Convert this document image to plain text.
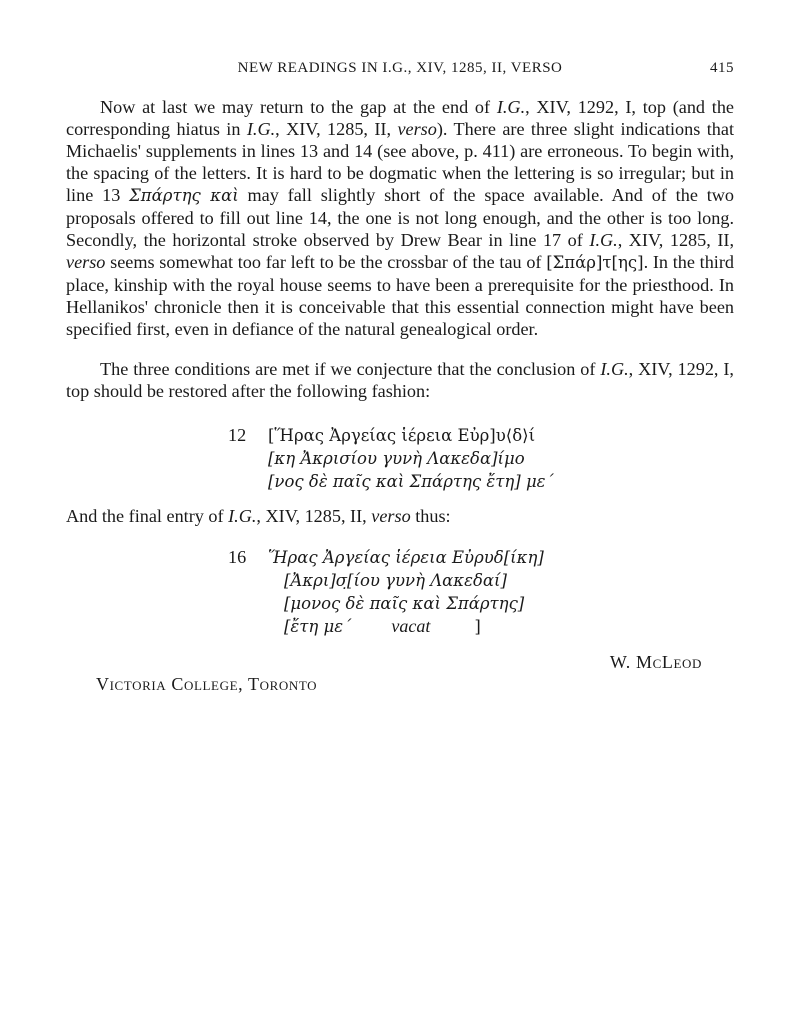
NEW READINGS IN I.G., XIV, 1285, II, VERSO	415

Now at last we may return to the gap at the end of I.G., XIV, 1292, I, top (and the corresponding hiatus in I.G., XIV, 1285, II, verso). There are three slight indications that Michaelis' supplements in lines 13 and 14 (see above, p. 411) are erroneous. To begin with, the spacing of the letters. It is hard to be dogmatic when the lettering is so irregular; but in line 13 Σπάρτης καὶ may fall slightly short of the space available. And of the two proposals offered to fill out line 14, the one is not long enough, and the other is too long. Secondly, the horizontal stroke observed by Drew Bear in line 17 of I.G., XIV, 1285, II, verso seems somewhat too far left to be the crossbar of the tau of [Σπάρ]τ[ης]. In the third place, kinship with the royal house seems to have been a prerequisite for the priesthood. In Hellanikos' chronicle then it is conceivable that this essential connection might have been specified first, even in defiance of the natural genealogical order.

The three conditions are met if we conjecture that the conclusion of I.G., XIV, 1292, I, top should be restored after the following fashion:

12 [Ἥρας Ἀργείας ἱέρεια Εὐρ]υ⟨δ⟩ί
[κη Ἀκρισίου γυνὴ Λακεδα]ίμο
[νος δὲ παῖς καὶ Σπάρτης ἔτη] με΄

And the final entry of I.G., XIV, 1285, II, verso thus:

16 Ἥρας Ἀργείας ἱέρεια Εὐρυδ[ίκη]
[Ἀκρι]σ̣[ίου γυνὴ Λακεδαί]
[μονος δὲ παῖς καὶ Σπάρτης]
[ἔτη με΄ vacat	]
W. McLeod
Victoria College, Toronto
